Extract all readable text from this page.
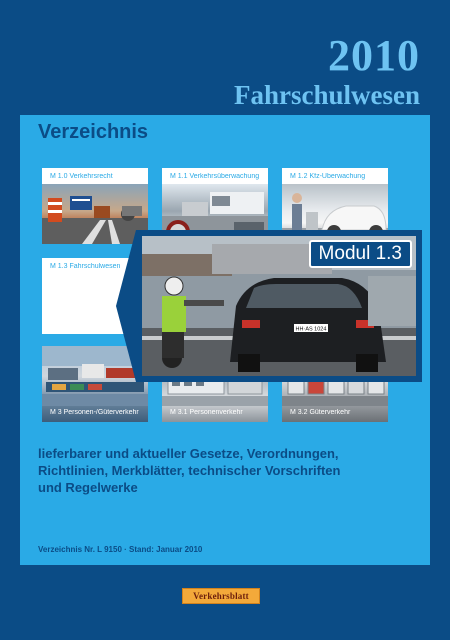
2010
Fahrschulwesen
Verzeichnis
M 1.0 Verkehrsrecht	M 1.1 Verkehrsüberwachung	M 1.2 Kfz-Überwachung
M 1.3 Fahrschulwesen
M 3 Personen-/Güterverkehr	M 3.1 Personenverkehr	M 3.2 Güterverkehr
HH·AS 1024
Modul 1.3
lieferbarer und aktueller Gesetze, Verordnungen,
Richtlinien, Merkblätter, technischer Vorschriften
und Regelwerke
Verzeichnis Nr. L 9150 · Stand: Januar 2010
Verkehrsblatt
